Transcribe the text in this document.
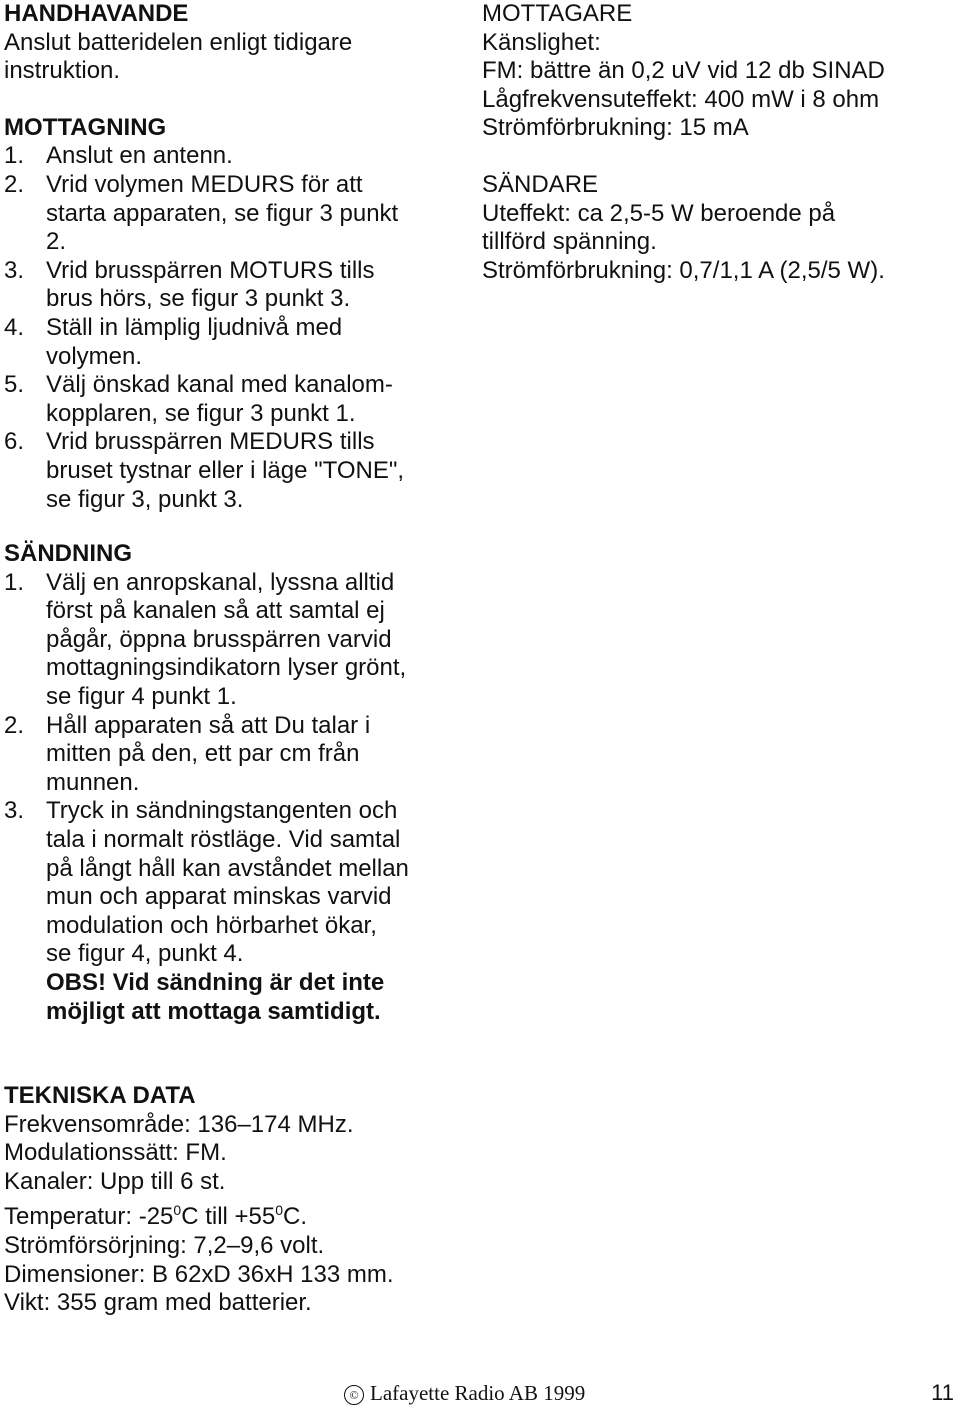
HANDHAVANDE

Anslut batteridelen enligt tidigare
instruktion.

MOTTAGNING
1. Anslut en antenn.
2. Vrid volymen MEDURS för att
starta apparaten, se figur 3 punkt
2.
3. Vrid brusspärren MOTURS tills
brus hörs, se figur 3 punkt 3.
4. Ställ in lämplig ljudnivå med
volymen.
5. Välj önskad kanal med kanalom-
kopplaren, se figur 3 punkt 1.
6. Vrid brusspärren MEDURS tills
bruset tystnar eller i läge "TONE",
se figur 3, punkt 3.
SÄNDNING
1. Välj en anropskanal, lyssna alltid
först på kanalen så att samtal ej
pågår, öppna brusspärren varvid
mottagningsindikatorn lyser grönt,
se figur 4 punkt 1.
2. Håll apparaten så att Du talar i
mitten på den, ett par cm från
munnen.
3. Tryck in sändningstangenten och
tala i normalt röstläge. Vid samtal
på långt håll kan avståndet mellan
mun och apparat minskas varvid
modulation och hörbarhet ökar,
se figur 4, punkt 4.
OBS! Vid sändning är det inte
möjligt att mottaga samtidigt.
TEKNISKA DATA

Frekvensområde: 136–174 MHz.

Modulationssätt: FM.

Kanaler: Upp till 6 st.

Temperatur: $-25^0C$ till $+55^0C$.

Strömförsörjning: 7,2–9,6 volt.

Dimensioner: B 62xD 36xH 133 mm.

Vikt: 355 gram med batterier.

MOTTAGARE

Känslighet:
FM: bättre än 0,2 uV vid 12 db SINAD
Lågfrekvensuteffekt: 400 mW i 8 ohm
Strömförbrukning: 15 mA

SÄNDARE

Uteffekt: ca 2,5-5 W beroende på
tillförd spänning.
Strömförbrukning: 0,7/1,1 A (2,5/5 W).

© Lafayette Radio AB 1999	11
